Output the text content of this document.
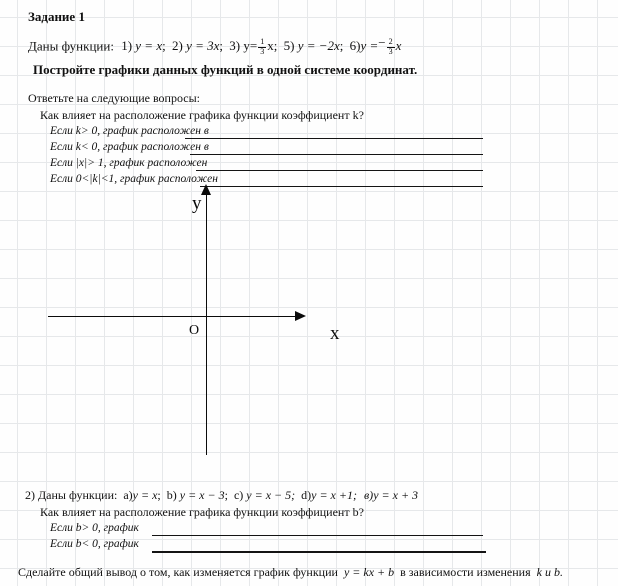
Задание 1
Даны функции: 1) y = x; 2) y = 3x; 3) $y= \frac{1}{3} x$; 5) y = −2x; $6)y =- \frac{2}{3}$ x
Постройте графики данных функций в одной системе координат.
Ответьте на следующие вопросы:
Как влияет на расположение графика функции коэффициент k?
Если k> 0, график расположен в
Если k< 0, график расположен в
Если |x|> 1, график расположен
Если 0<|k|<1, график расположен
y
x
O
2) Даны функции: a)y = x; b) y = x − 3; c) y = x − 5; d)y = x +1; в)y = x + 3
Как влияет на расположение графика функции коэффициент b?
Если b> 0, график
Если b< 0, график
Сделайте общий вывод о том, как изменяется график функции y = kx + b в зависимости изменения k и b.
